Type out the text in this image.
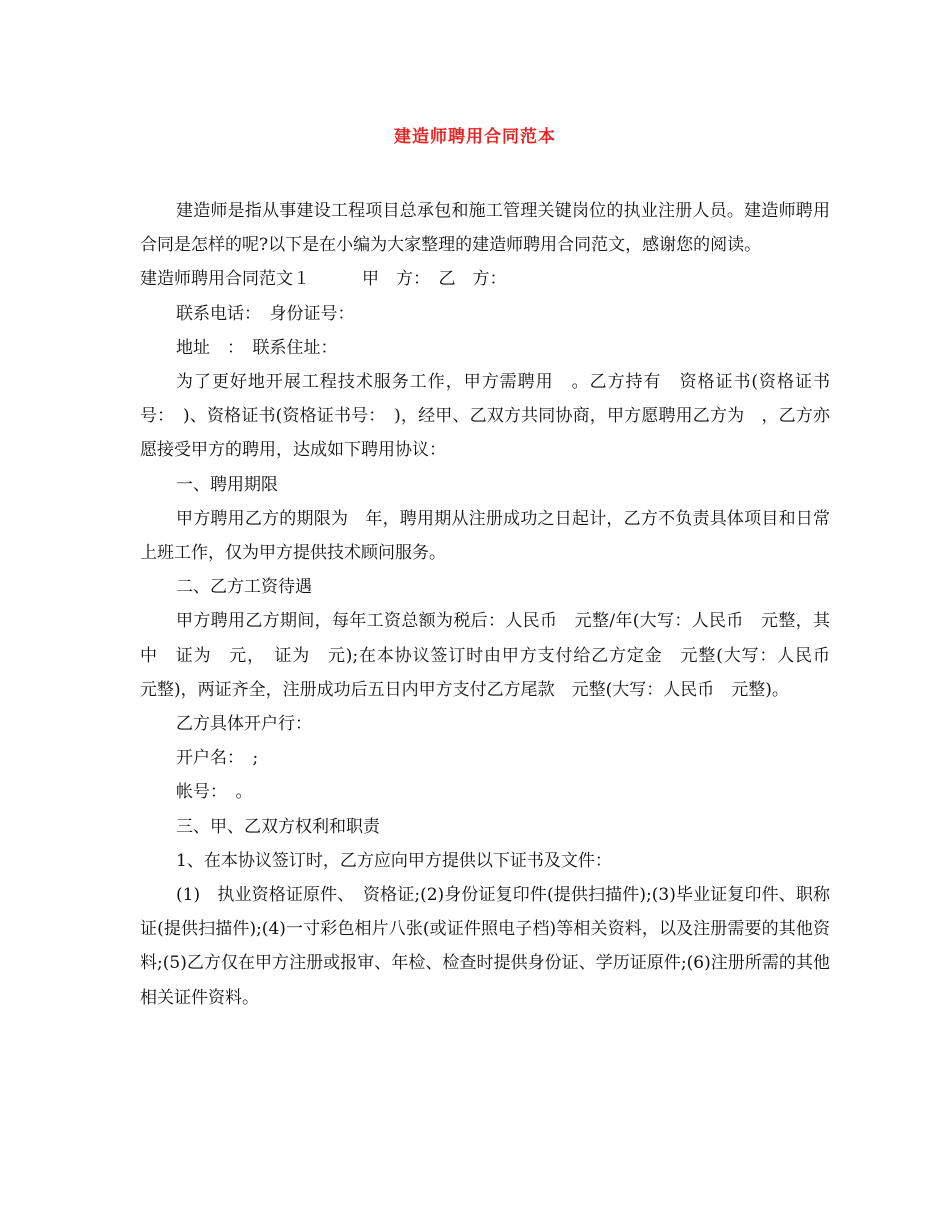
建造师聘用合同范本

建造师是指从事建设工程项目总承包和施工管理关键岗位的执业注册人员。建造师聘用合同是怎样的呢?以下是在小编为大家整理的建造师聘用合同范文，感谢您的阅读。

建造师聘用合同范文１	甲　方：　乙　方：

联系电话：　身份证号：

地址　：　联系住址：

为了更好地开展工程技术服务工作，甲方需聘用　。乙方持有　资格证书(资格证书号：　)、资格证书(资格证书号：　)，经甲、乙双方共同协商，甲方愿聘用乙方为　，乙方亦愿接受甲方的聘用，达成如下聘用协议：

一、聘用期限

甲方聘用乙方的期限为　年，聘用期从注册成功之日起计，乙方不负责具体项目和日常上班工作，仅为甲方提供技术顾问服务。

二、乙方工资待遇

甲方聘用乙方期间，每年工资总额为税后：人民币　元整/年(大写：人民币　元整，其中　证为　元，　证为　元);在本协议签订时由甲方支付给乙方定金　元整(大写：人民币　元整)，两证齐全，注册成功后五日内甲方支付乙方尾款　元整(大写：人民币　元整)。

乙方具体开户行：

开户名：　;

帐号：　。

三、甲、乙双方权利和职责

1、在本协议签订时，乙方应向甲方提供以下证书及文件：

(1)　执业资格证原件、　资格证;(2)身份证复印件(提供扫描件);(3)毕业证复印件、职称证(提供扫描件);(4)一寸彩色相片八张(或证件照电子档)等相关资料，以及注册需要的其他资料;(5)乙方仅在甲方注册或报审、年检、检查时提供身份证、学历证原件;(6)注册所需的其他相关证件资料。
